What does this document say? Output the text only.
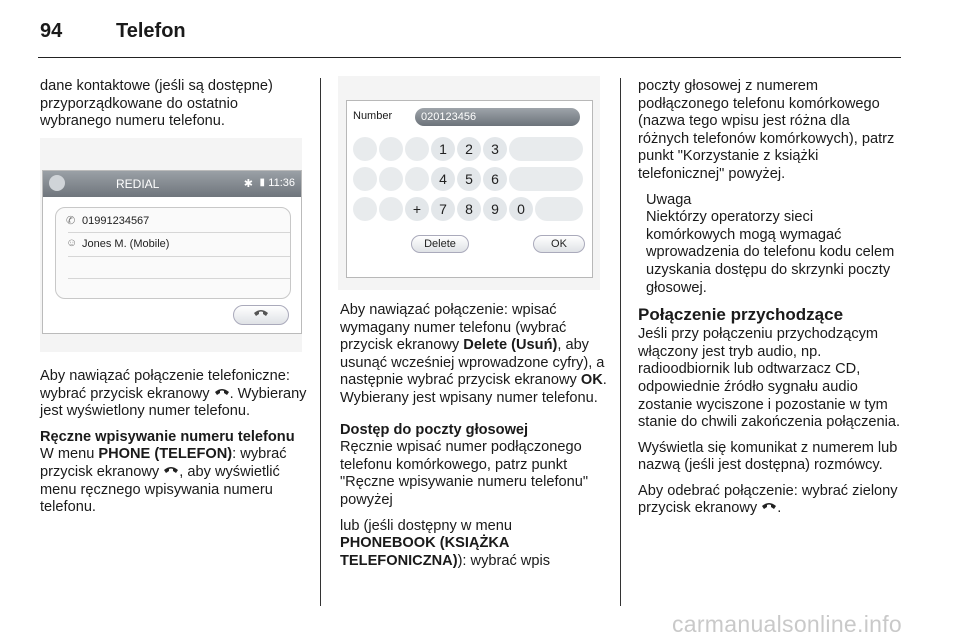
94	Telefon

dane kontaktowe (jeśli są dostępne) przyporządkowane do ostatnio wybranego numeru telefonu.

REDIAL	✱ ▮ 11:36
✆ 01991234567
☺ Jones M. (Mobile)

Aby nawiązać połączenie telefoniczne: wybrać przycisk ekranowy . Wybierany jest wyświetlony numer telefonu.

Ręczne wpisywanie numeru telefonu

W menu PHONE (TELEFON): wybrać przycisk ekranowy , aby wyświetlić menu ręcznego wpisywania numeru telefonu.

Number	020123456
1	2	3
4	5	6
+	7	8	9	0
Delete	OK

Aby nawiązać połączenie: wpisać wymagany numer telefonu (wybrać przycisk ekranowy Delete (Usuń), aby usunąć wcześniej wprowadzone cyfry), a następnie wybrać przycisk ekranowy OK. Wybierany jest wpisany numer telefonu.

Dostęp do poczty głosowej

Ręcznie wpisać numer podłączonego telefonu komórkowego, patrz punkt "Ręczne wpisywanie numeru telefonu" powyżej

lub (jeśli dostępny w menu PHONEBOOK (KSIĄŻKA TELEFONICZNA)): wybrać wpis

poczty głosowej z numerem podłączonego telefonu komórkowego (nazwa tego wpisu jest różna dla różnych telefonów komórkowych), patrz punkt "Korzystanie z książki telefonicznej" powyżej.

Uwaga
Niektórzy operatorzy sieci komórkowych mogą wymagać wprowadzenia do telefonu kodu celem uzyskania dostępu do skrzynki poczty głosowej.
Połączenie przychodzące

Jeśli przy połączeniu przychodzącym włączony jest tryb audio, np. radioodbiornik lub odtwarzacz CD, odpowiednie źródło sygnału audio zostanie wyciszone i pozostanie w tym stanie do chwili zakończenia połączenia.

Wyświetla się komunikat z numerem lub nazwą (jeśli jest dostępna) rozmówcy.

Aby odebrać połączenie: wybrać zielony przycisk ekranowy .

carmanualsonline.info
